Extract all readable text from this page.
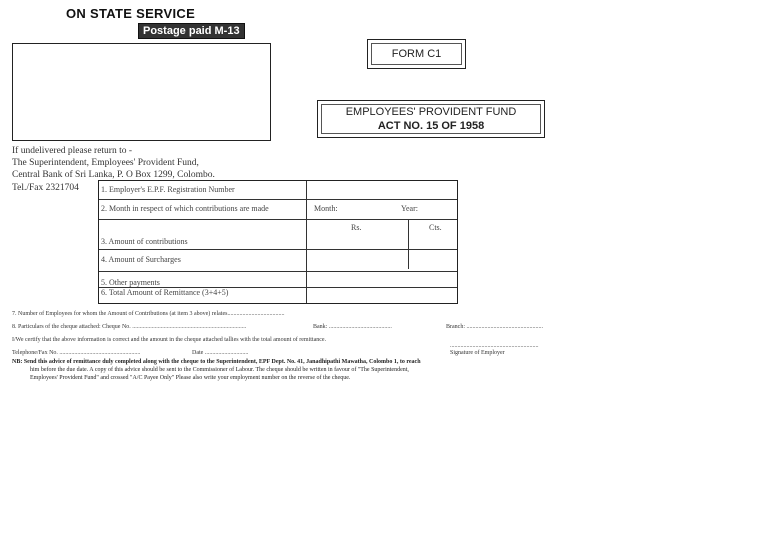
ON STATE SERVICE
Postage paid M-13
FORM C1
EMPLOYEES' PROVIDENT FUND
ACT NO. 15 OF 1958
If undelivered please return to -
The Superintendent, Employees' Provident Fund,
Central Bank of Sri Lanka, P. O Box 1299, Colombo.
Tel./Fax 2321704	1. Employer's E.P.F. Registration Number
2. Month in respect of which contributions are made	Month:	Year:
Rs.	Cts.
3. Amount of contributions
4. Amount of Surcharges
5. Other payments
6. Total Amount of Remittance (3+4+5)
7. Number of Employees for whom the Amount of Contributions (at item 3 above) relates......................................
8. Particulars of the cheque attached: Cheque No. ............................................................................	Bank: ..........................................	Branch: ...................................................
I/We certify that the above information is correct and the amount in the cheque attached tallies with the total amount of remittance.
...........................................................
Telephone/Fax No. ......................................................	Date .............................	Signature of Employer
NB: Send this advice of remittance duly completed along with the cheque to the Superintendent, EPF Dept. No. 41, Janadhipathi Mawatha, Colombo 1, to reach
him before the due date. A copy of this advice should be sent to the Commissioner of Labour. The cheque should be written in favour of "The Superintendent,
Employees' Provident Fund" and crossed "A/C Payee Only" Please also write your employment number on the reverse of the cheque.
